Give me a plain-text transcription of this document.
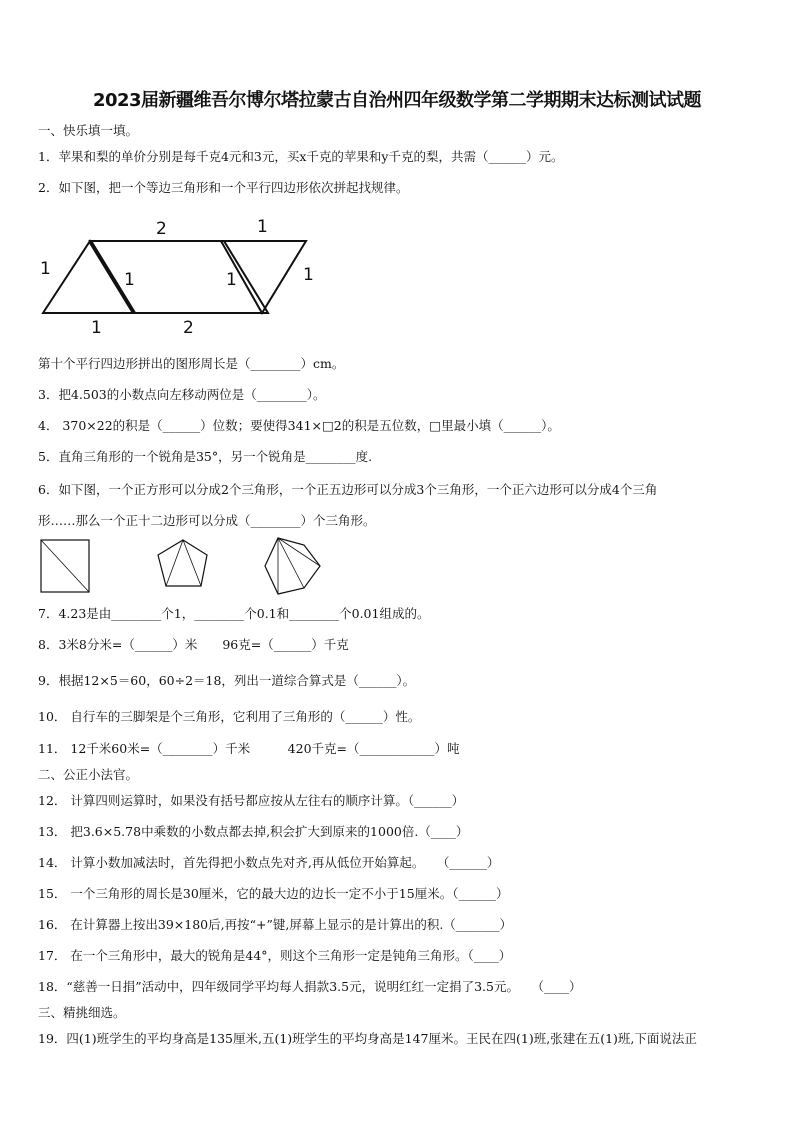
2023届新疆维吾尔博尔塔拉蒙古自治州四年级数学第二学期期末达标测试试题
一、快乐填一填。
1．苹果和梨的单价分别是每千克4元和3元，买x千克的苹果和y千克的梨，共需（______）元。
2．如下图，把一个等边三角形和一个平行四边形依次拼起找规律。
2	1
1
1	1	1
1	2
第十个平行四边形拼出的图形周长是（________）cm。
3．把4.503的小数点向左移动两位是（________）。
4． 370×22的积是（______）位数；要使得341×□2的积是五位数，□里最小填（______）。
5．直角三角形的一个锐角是35°，另一个锐角是________度.
6．如下图，一个正方形可以分成2个三角形，一个正五边形可以分成3个三角形，一个正六边形可以分成4个三角
形……那么一个正十二边形可以分成（________）个三角形。
7．4.23是由________个1，________个0.1和________个0.01组成的。
8．3米8分米=（______）米　　96克=（______）千克
9．根据12×5＝60，60÷2＝18，列出一道综合算式是（______）。
10． 自行车的三脚架是个三角形，它利用了三角形的（______）性。
11． 12千米60米=（________）千米　　　420千克=（____________）吨
二、公正小法官。
12． 计算四则运算时，如果没有括号都应按从左往右的顺序计算。（______）
13． 把3.6×5.78中乘数的小数点都去掉,积会扩大到原来的1000倍.（____）
14． 计算小数加减法时，首先得把小数点先对齐,再从低位开始算起。　　（______）
15． 一个三角形的周长是30厘米，它的最大边的边长一定不小于15厘米。（______）
16． 在计算器上按出39×180后,再按“+”键,屏幕上显示的是计算出的积.（_______）
17． 在一个三角形中，最大的锐角是44°，则这个三角形一定是钝角三角形。（____）
18．“慈善一日捐”活动中，四年级同学平均每人捐款3.5元，说明红红一定捐了3.5元。　　（____）
三、精挑细选。
19．四(1)班学生的平均身高是135厘米,五(1)班学生的平均身高是147厘米。王民在四(1)班,张建在五(1)班,下面说法正
